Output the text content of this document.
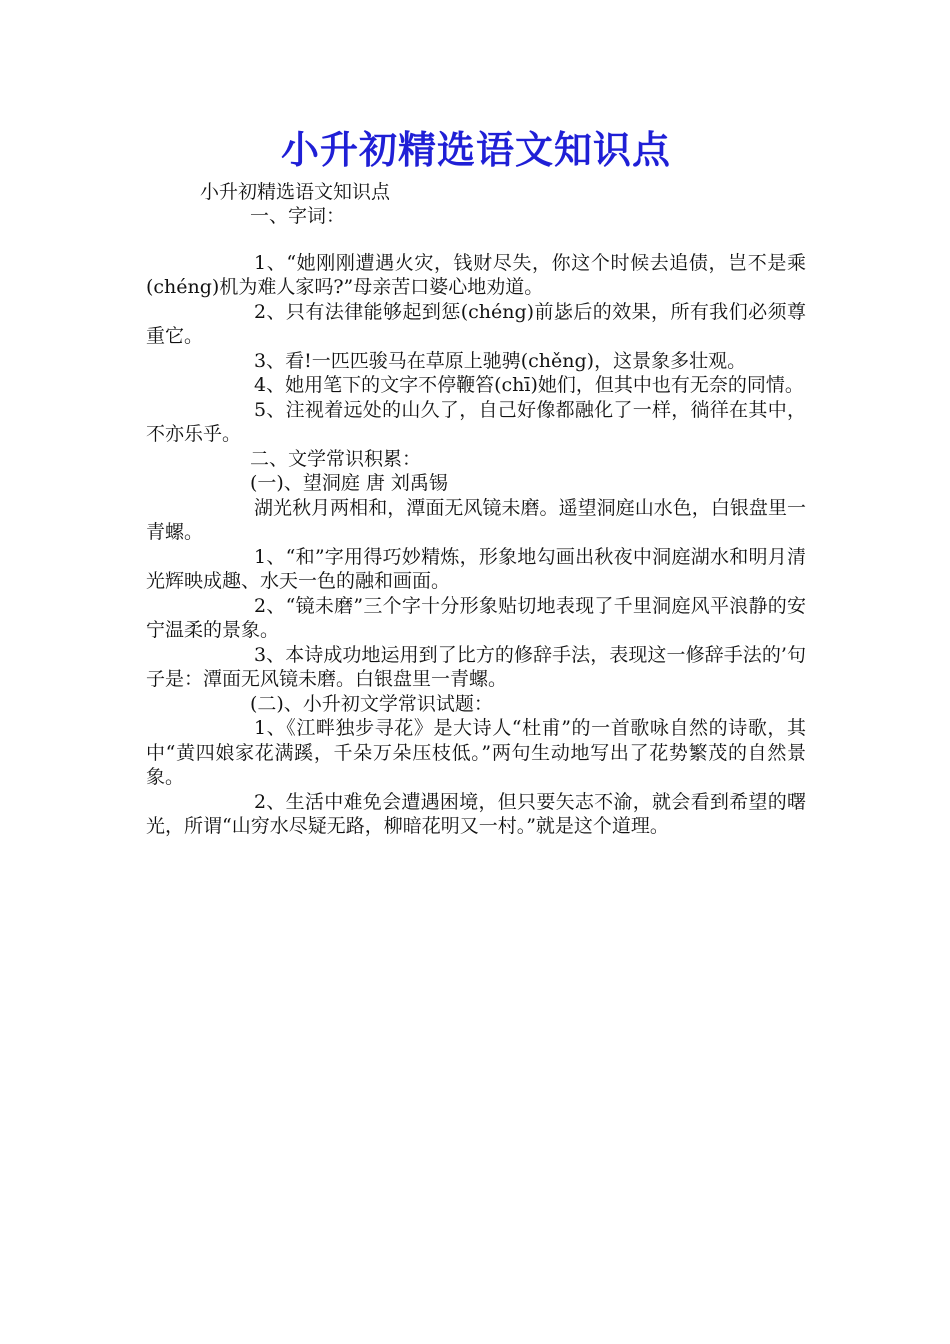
小升初精选语文知识点

小升初精选语文知识点

一、字词：

1、“她刚刚遭遇火灾，钱财尽失，你这个时候去追债，岂不是乘(chéng)机为难人家吗?”母亲苦口婆心地劝道。

2、只有法律能够起到惩(chéng)前毖后的效果，所有我们必须尊重它。

3、看!一匹匹骏马在草原上驰骋(chěng)，这景象多壮观。

4、她用笔下的文字不停鞭笞(chī)她们，但其中也有无奈的同情。

5、注视着远处的山久了，自己好像都融化了一样，徜徉在其中，不亦乐乎。

二、文学常识积累：

(一)、望洞庭 唐 刘禹锡

湖光秋月两相和，潭面无风镜未磨。遥望洞庭山水色，白银盘里一青螺。

1、“和”字用得巧妙精炼，形象地勾画出秋夜中洞庭湖水和明月清光辉映成趣、水天一色的融和画面。

2、“镜未磨”三个字十分形象贴切地表现了千里洞庭风平浪静的安宁温柔的景象。

3、本诗成功地运用到了比方的修辞手法，表现这一修辞手法的’句子是：潭面无风镜未磨。白银盘里一青螺。

(二)、小升初文学常识试题：

1、《江畔独步寻花》是大诗人“杜甫”的一首歌咏自然的诗歌，其中“黄四娘家花满蹊，千朵万朵压枝低。”两句生动地写出了花势繁茂的自然景象。

2、生活中难免会遭遇困境，但只要矢志不渝，就会看到希望的曙光，所谓“山穷水尽疑无路，柳暗花明又一村。”就是这个道理。
